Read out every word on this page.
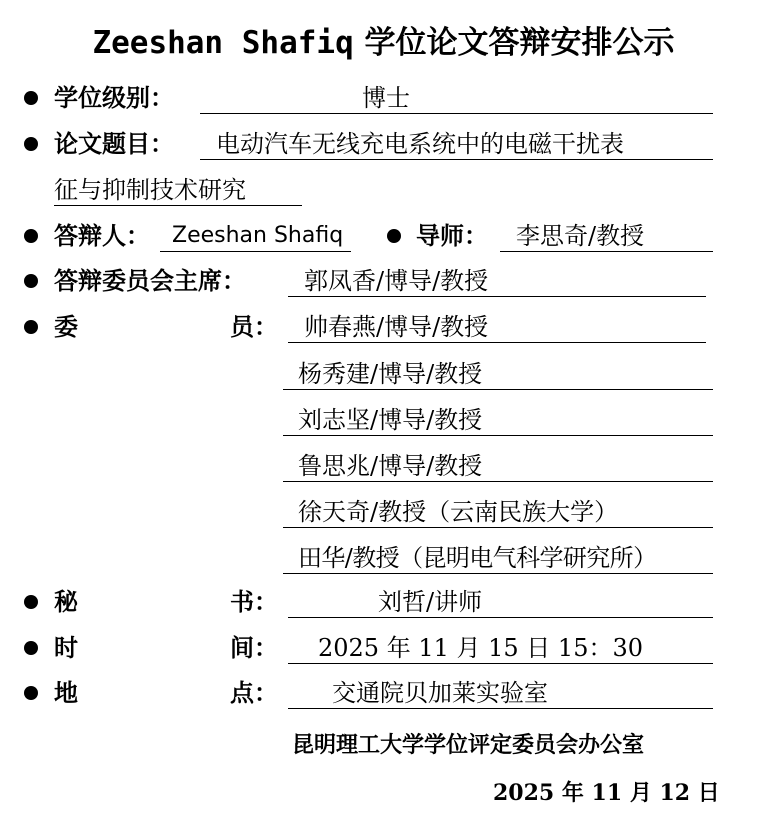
Zeeshan Shafiq 学位论文答辩安排公示
学位级别：	博士
论文题目： 电动汽车无线充电系统中的电磁干扰表
征与抑制技术研究
答辩人： Zeeshan Shafiq	导师： 李思奇/教授
答辩委员会主席： 郭凤香/博导/教授
委	员： 帅春燕/博导/教授
杨秀建/博导/教授
刘志坚/博导/教授
鲁思兆/博导/教授
徐天奇/教授（云南民族大学）
田华/教授（昆明电气科学研究所）
秘	书：	刘哲/讲师
时	间： 2025 年 11 月 15 日 15：30
地	点： 交通院贝加莱实验室
昆明理工大学学位评定委员会办公室
2025 年 11 月 12 日
